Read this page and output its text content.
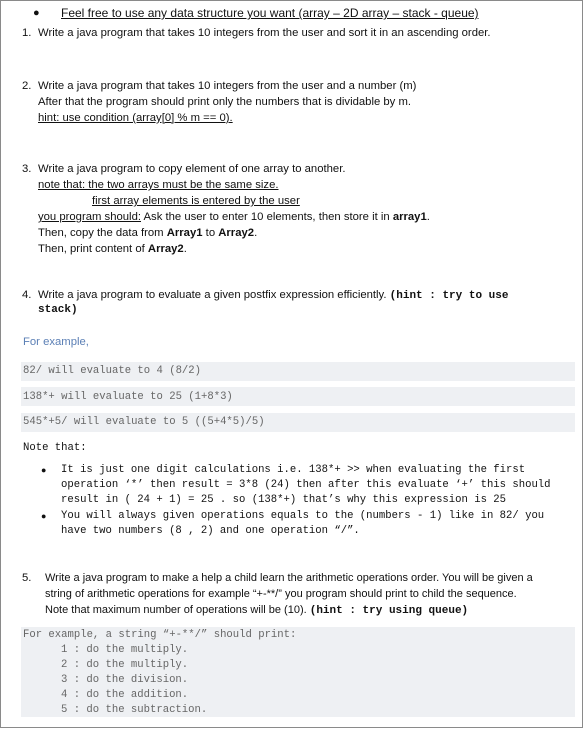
● Feel free to use any data structure you want (array – 2D array – stack - queue)
1. Write a java program that takes 10 integers from the user and sort it in an ascending order.
2. Write a java program that takes 10 integers from the user and a number (m)
After that the program should print only the numbers that is dividable by m.
hint: use condition (array[0] % m == 0).
3. Write a java program to copy element of one array to another.
note that: the two arrays must be the same size.
first array elements is entered by the user
you program should: Ask the user to enter 10 elements, then store it in array1.
Then, copy the data from Array1 to Array2.
Then, print content of Array2.
4. Write a java program to evaluate a given postfix expression efficiently. (hint : try to use
stack)
For example,
82/ will evaluate to 4 (8/2)
138*+ will evaluate to 25 (1+8*3)
545*+5/ will evaluate to 5 ((5+4*5)/5)
Note that:
● It is just one digit calculations i.e. 138*+ >> when evaluating the first
operation ‘*’ then result = 3*8 (24) then after this evaluate ‘+’ this should
result in ( 24 + 1) = 25 . so (138*+) that’s why this expression is 25
● You will always given operations equals to the (numbers - 1) like in 82/ you
have two numbers (8 , 2) and one operation “/”.
5. Write a java program to make a help a child learn the arithmetic operations order. You will be given a
string of arithmetic operations for example “+-**/” you program should print to child the sequence.
Note that maximum number of operations will be (10). (hint : try using queue)
For example, a string “+-**/” should print:
1 : do the multiply.
2 : do the multiply.
3 : do the division.
4 : do the addition.
5 : do the subtraction.
